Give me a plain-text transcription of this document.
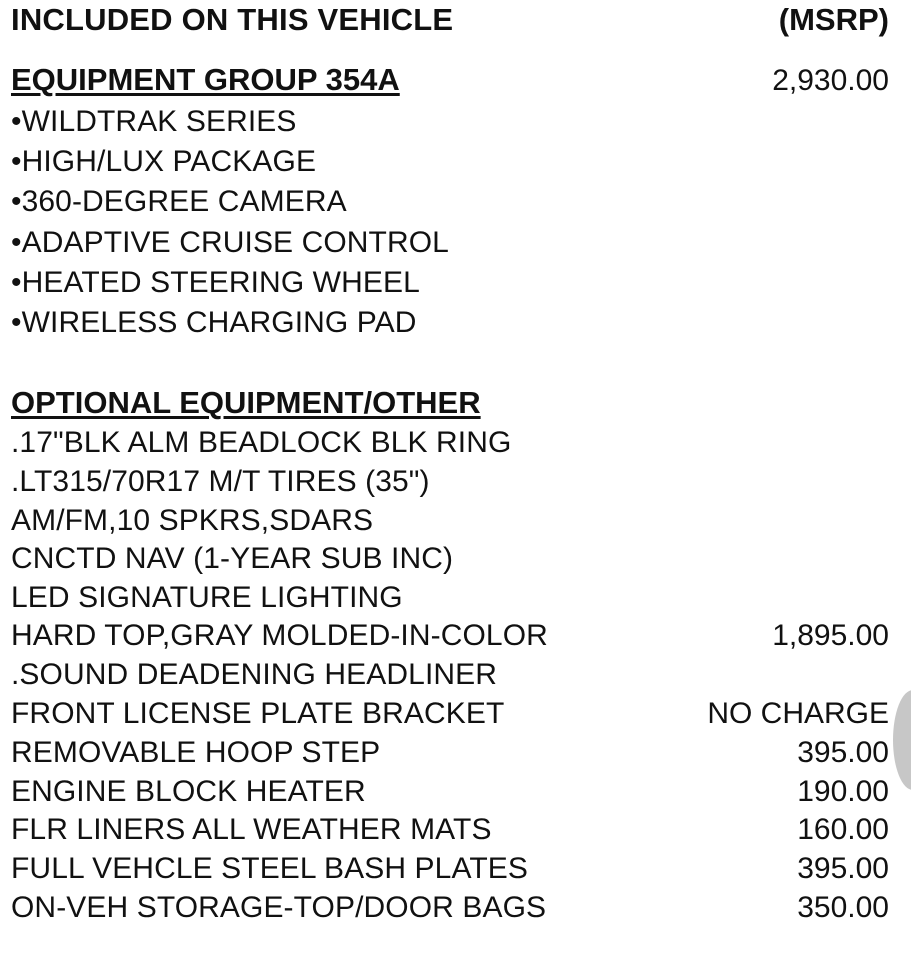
INCLUDED ON THIS VEHICLE	(MSRP)
EQUIPMENT GROUP 354A	2,930.00
•WILDTRAK SERIES
•HIGH/LUX PACKAGE
•360-DEGREE CAMERA
•ADAPTIVE CRUISE CONTROL
•HEATED STEERING WHEEL
•WIRELESS CHARGING PAD
OPTIONAL EQUIPMENT/OTHER
.17"BLK ALM BEADLOCK BLK RING
.LT315/70R17 M/T TIRES (35")
AM/FM,10 SPKRS,SDARS
CNCTD NAV (1-YEAR SUB INC)
LED SIGNATURE LIGHTING
HARD TOP,GRAY MOLDED-IN-COLOR	1,895.00
.SOUND DEADENING HEADLINER
FRONT LICENSE PLATE BRACKET	NO CHARGE
REMOVABLE HOOP STEP	395.00
ENGINE BLOCK HEATER	190.00
FLR LINERS ALL WEATHER MATS	160.00
FULL VEHCLE STEEL BASH PLATES	395.00
ON-VEH STORAGE-TOP/DOOR BAGS	350.00
